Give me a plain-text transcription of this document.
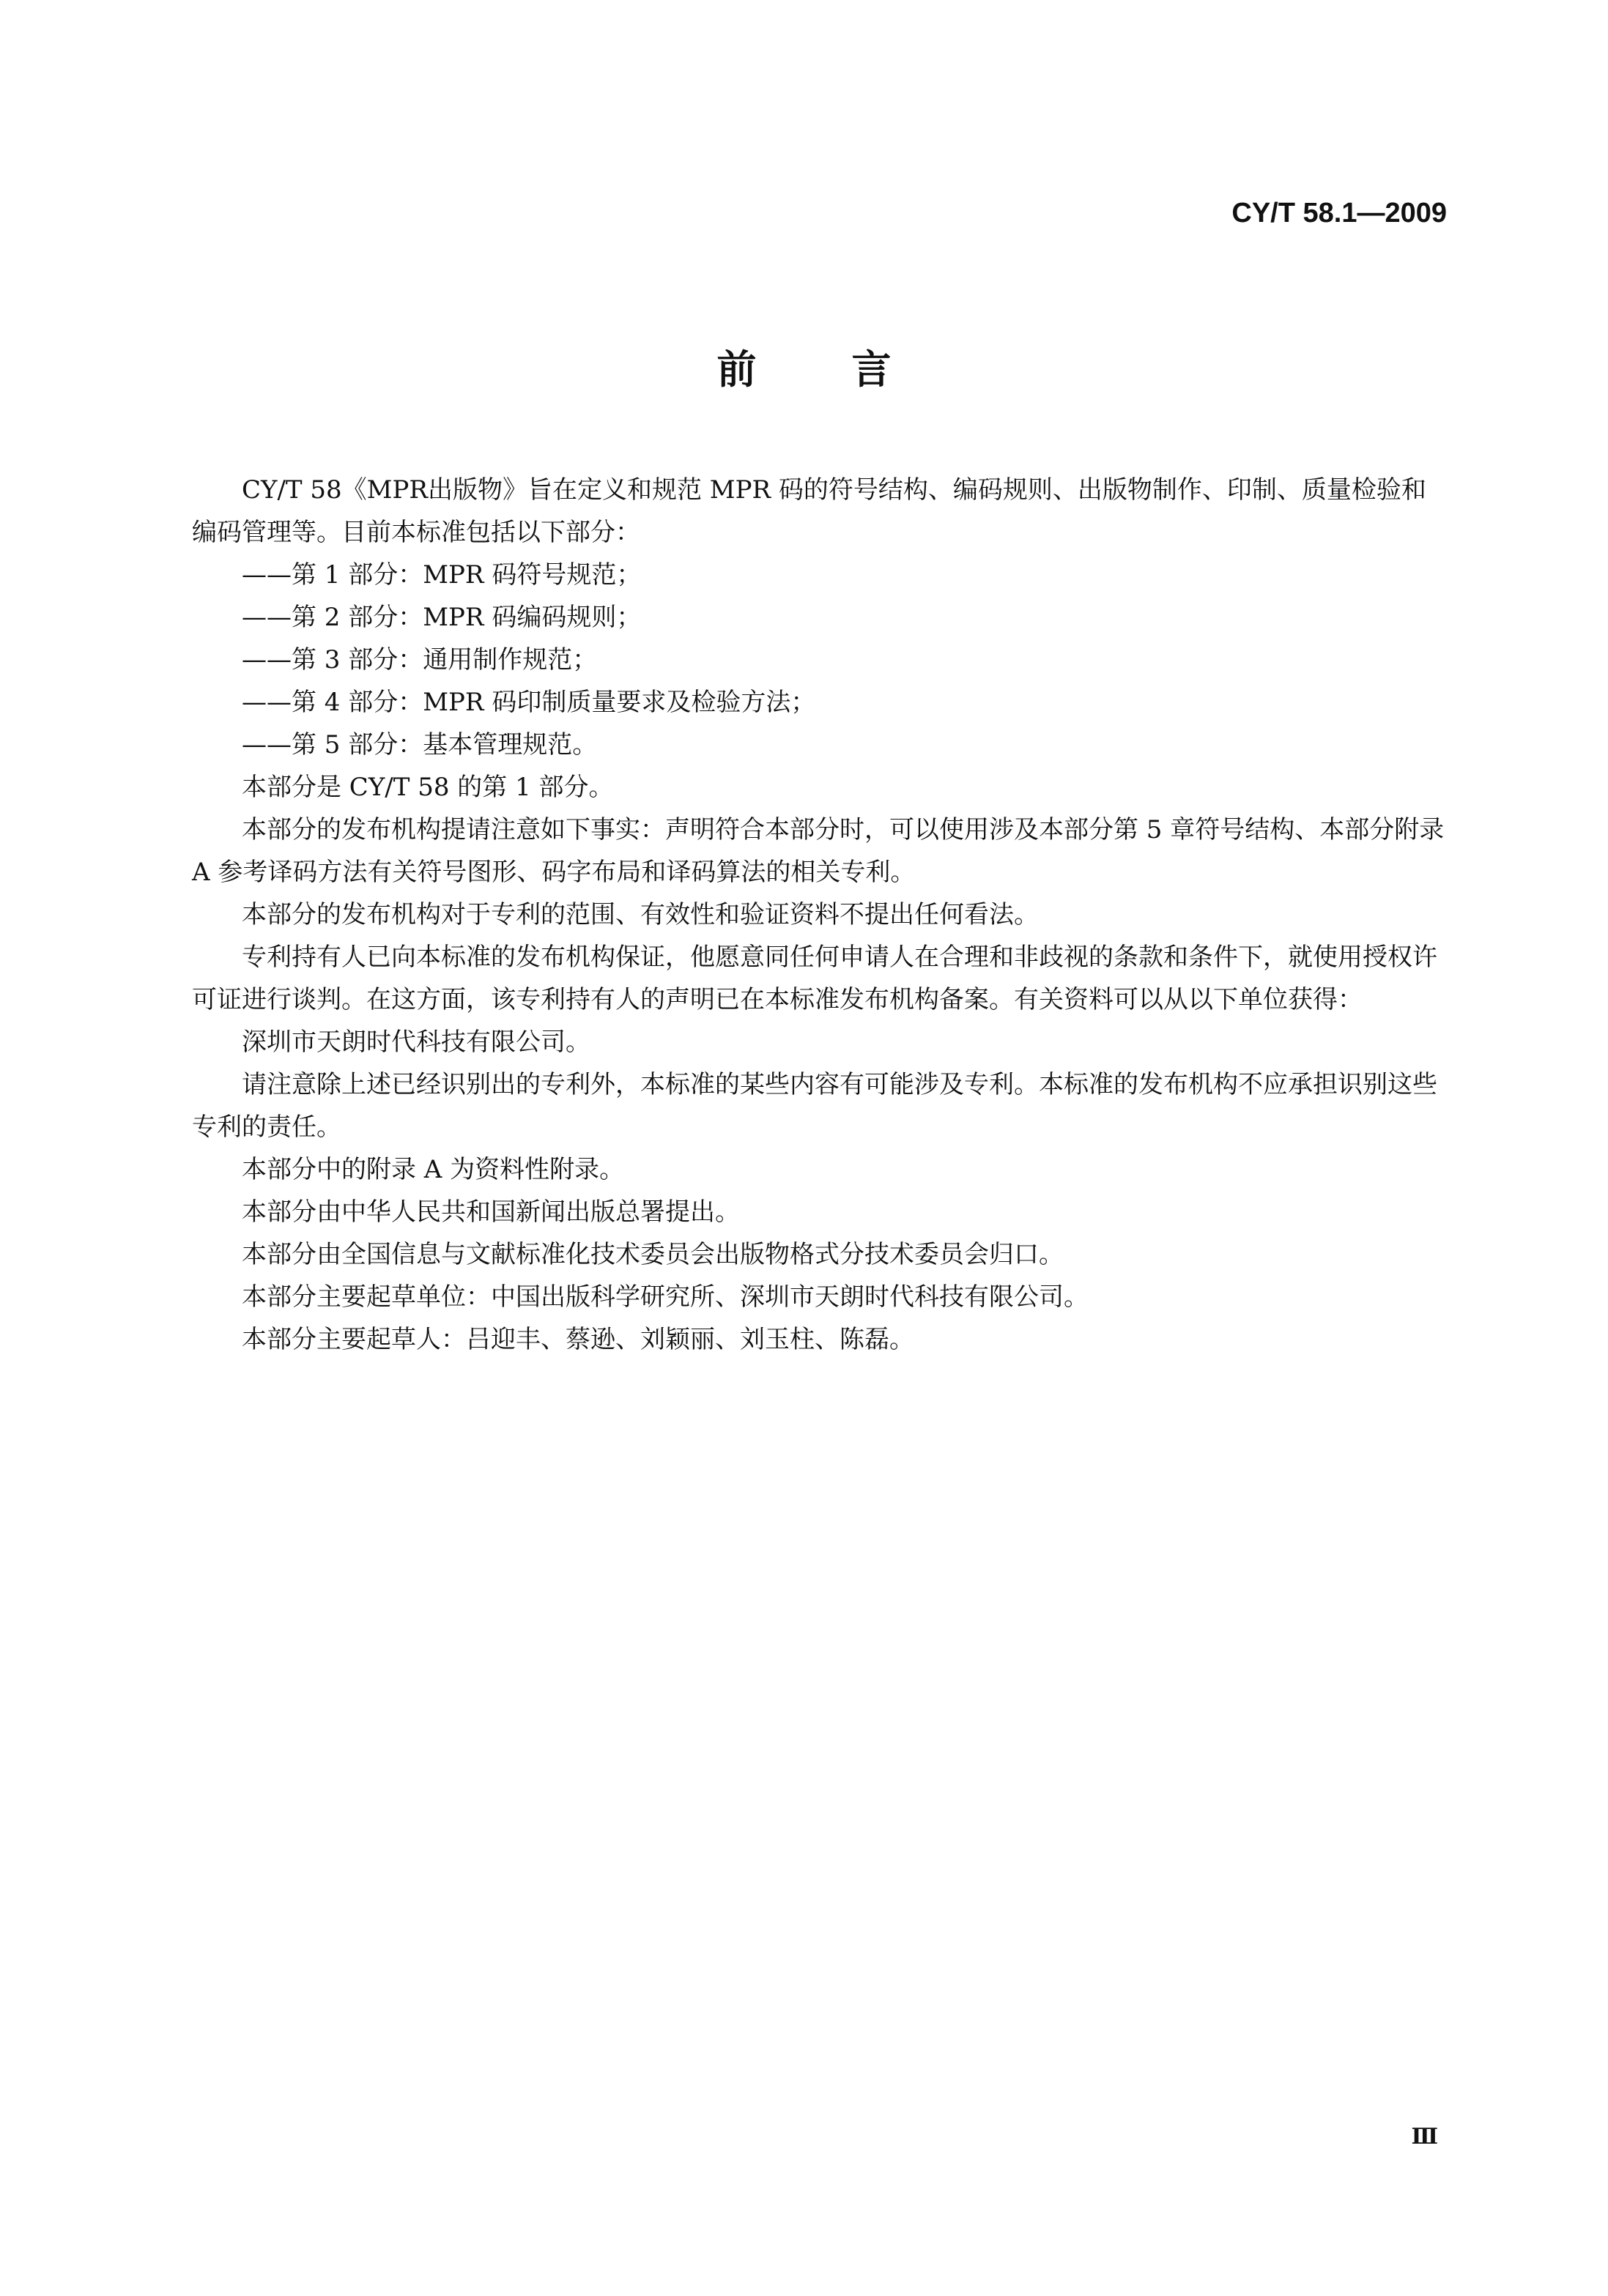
CY/T 58.1—2009
前 言

CY/T 58《MPR出版物》旨在定义和规范 MPR 码的符号结构、编码规则、出版物制作、印制、质量检验和编码管理等。目前本标准包括以下部分：

——第 1 部分：MPR 码符号规范；

——第 2 部分：MPR 码编码规则；

——第 3 部分：通用制作规范；

——第 4 部分：MPR 码印制质量要求及检验方法；

——第 5 部分：基本管理规范。

本部分是 CY/T 58 的第 1 部分。

本部分的发布机构提请注意如下事实：声明符合本部分时，可以使用涉及本部分第 5 章符号结构、本部分附录 A 参考译码方法有关符号图形、码字布局和译码算法的相关专利。

本部分的发布机构对于专利的范围、有效性和验证资料不提出任何看法。

专利持有人已向本标准的发布机构保证，他愿意同任何申请人在合理和非歧视的条款和条件下，就使用授权许可证进行谈判。在这方面，该专利持有人的声明已在本标准发布机构备案。有关资料可以从以下单位获得：

深圳市天朗时代科技有限公司。

请注意除上述已经识别出的专利外，本标准的某些内容有可能涉及专利。本标准的发布机构不应承担识别这些专利的责任。

本部分中的附录 A 为资料性附录。

本部分由中华人民共和国新闻出版总署提出。

本部分由全国信息与文献标准化技术委员会出版物格式分技术委员会归口。

本部分主要起草单位：中国出版科学研究所、深圳市天朗时代科技有限公司。

本部分主要起草人：吕迎丰、蔡逊、刘颖丽、刘玉柱、陈磊。

Ⅲ
